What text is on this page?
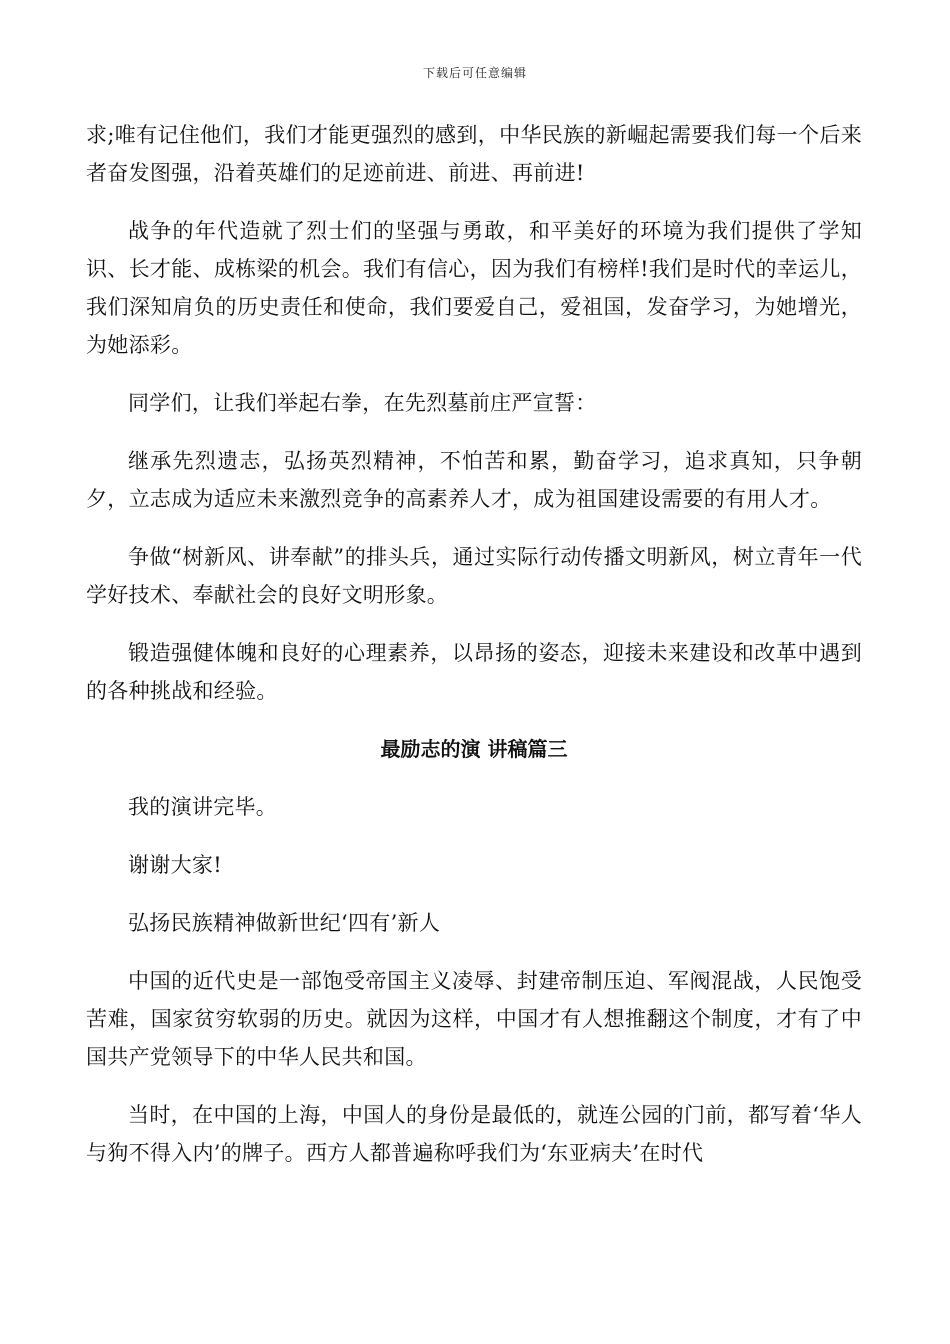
下载后可任意编辑

求;唯有记住他们，我们才能更强烈的感到，中华民族的新崛起需要我们每一个后来者奋发图强，沿着英雄们的足迹前进、前进、再前进!

战争的年代造就了烈士们的坚强与勇敢，和平美好的环境为我们提供了学知识、长才能、成栋梁的机会。我们有信心，因为我们有榜样!我们是时代的幸运儿，我们深知肩负的历史责任和使命，我们要爱自己，爱祖国，发奋学习，为她增光，为她添彩。

同学们，让我们举起右拳，在先烈墓前庄严宣誓：

继承先烈遗志，弘扬英烈精神，不怕苦和累，勤奋学习，追求真知，只争朝夕，立志成为适应未来激烈竞争的高素养人才，成为祖国建设需要的有用人才。

争做“树新风、讲奉献”的排头兵，通过实际行动传播文明新风，树立青年一代学好技术、奉献社会的良好文明形象。

锻造强健体魄和良好的心理素养，以昂扬的姿态，迎接未来建设和改革中遇到的各种挑战和经验。

最励志的演 讲稿篇三

我的演讲完毕。

谢谢大家!

弘扬民族精神做新世纪‘四有’新人

中国的近代史是一部饱受帝国主义凌辱、封建帝制压迫、军阀混战，人民饱受苦难，国家贫穷软弱的历史。就因为这样，中国才有人想推翻这个制度，才有了中国共产党领导下的中华人民共和国。

当时，在中国的上海，中国人的身份是最低的，就连公园的门前，都写着‘华人与狗不得入内’的牌子。西方人都普遍称呼我们为‘东亚病夫’在时代
